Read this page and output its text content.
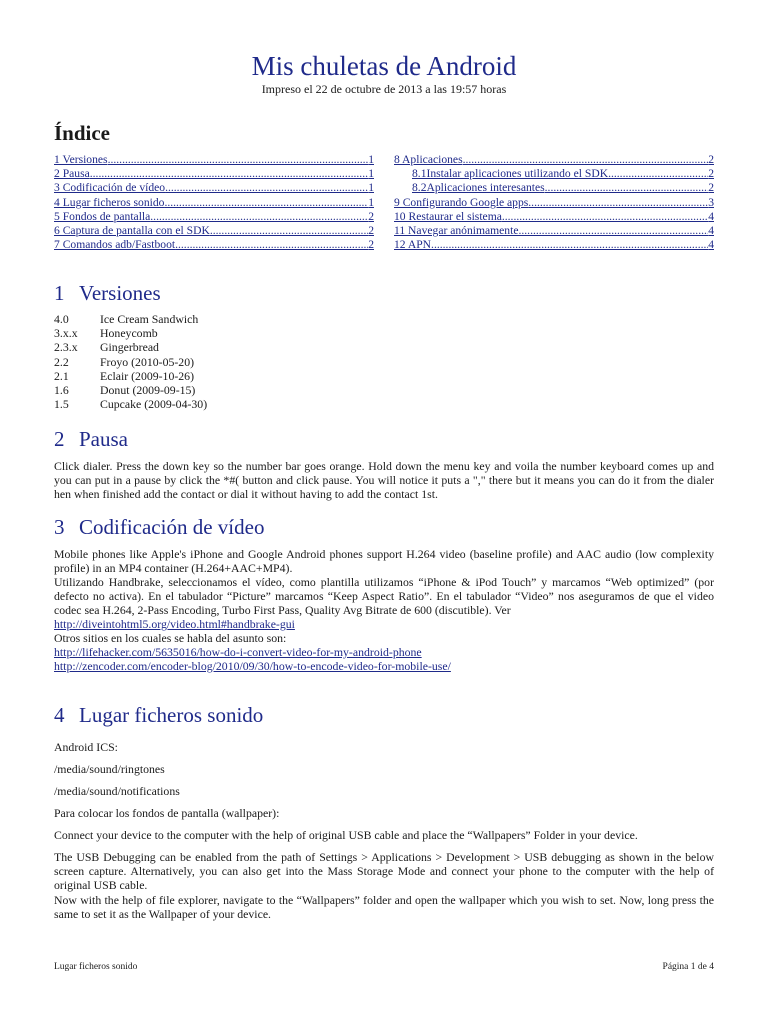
Mis chuletas de Android
Impreso el 22 de octubre de 2013 a las 19:57 horas
Índice
1 Versiones .....	1
2 Pausa .....	1
3 Codificación de vídeo .....	1
4 Lugar ficheros sonido .....	1
5 Fondos de pantalla .....	2
6 Captura de pantalla con el SDK .....	2
7 Comandos adb/Fastboot .....	2
8 Aplicaciones .....	2
8.1Instalar aplicaciones utilizando el SDK .....	2
8.2Aplicaciones interesantes .....	2
9 Configurando Google apps .....	3
10 Restaurar el sistema .....	4
11 Navegar anónimamente .....	4
12 APN .....	4
1 Versiones
4.0	Ice Cream Sandwich
3.x.x	Honeycomb
2.3.x	Gingerbread
2.2	Froyo (2010-05-20)
2.1	Eclair (2009-10-26)
1.6	Donut (2009-09-15)
1.5	Cupcake (2009-04-30)
2 Pausa
Click dialer. Press the down key so the number bar goes orange. Hold down the menu key and voila the number keyboard comes up and you can put in a pause by click the *#( button and click pause. You will notice it puts a "," there but it means you can do it from the dialer hen when finished add the contact or dial it without having to add the contact 1st.
3 Codificación de vídeo
Mobile phones like Apple's iPhone and Google Android phones support H.264 video (baseline profile) and AAC audio (low complexity profile) in an MP4 container (H.264+AAC+MP4).
Utilizando Handbrake, seleccionamos el vídeo, como plantilla utilizamos “iPhone & iPod Touch” y marcamos “Web optimized” (por defecto no activa). En el tabulador “Picture” marcamos “Keep Aspect Ratio”. En el tabulador “Video” nos aseguramos de que el video codec sea H.264, 2-Pass Encoding, Turbo First Pass, Quality Avg Bitrate de 600 (discutible). Ver
http://diveintohtml5.org/video.html#handbrake-gui
Otros sitios en los cuales se habla del asunto son:
http://lifehacker.com/5635016/how-do-i-convert-video-for-my-android-phone
http://zencoder.com/encoder-blog/2010/09/30/how-to-encode-video-for-mobile-use/
4 Lugar ficheros sonido
Android ICS:
/media/sound/ringtones
/media/sound/notifications
Para colocar los fondos de pantalla (wallpaper):
Connect your device to the computer with the help of original USB cable and place the “Wallpapers” Folder in your device.
The USB Debugging can be enabled from the path of Settings > Applications > Development > USB debugging as shown in the below screen capture. Alternatively, you can also get into the Mass Storage Mode and connect your phone to the computer with the help of original USB cable.
Now with the help of file explorer, navigate to the “Wallpapers” folder and open the wallpaper which you wish to set. Now, long press the same to set it as the Wallpaper of your device.
Lugar ficheros sonido	Página 1 de 4
